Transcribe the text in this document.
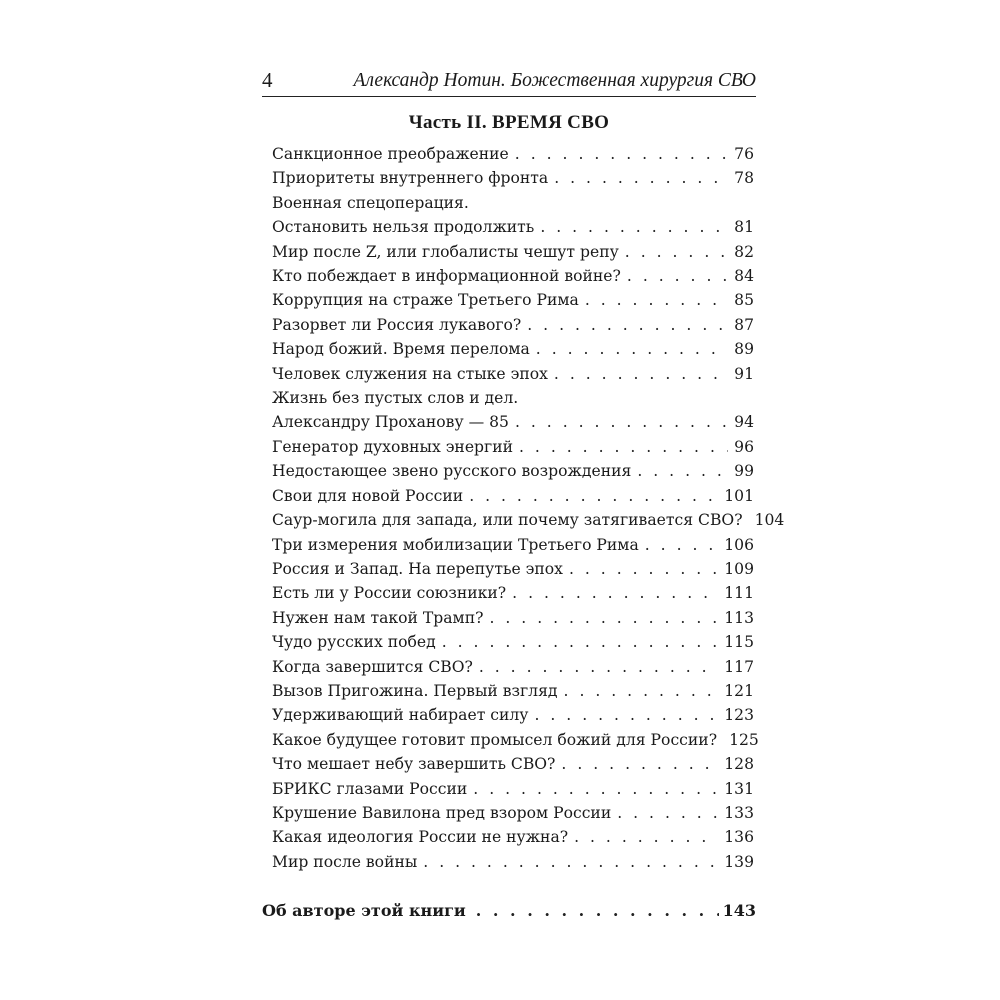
4	Александр Нотин. Божественная хирургия СВО
Часть II. ВРЕМЯ СВО
Санкционное преображение . . .	76
Приоритеты внутреннего фронта . . .	78
Военная спецоперация.
Остановить нельзя продолжить . . .	81
Мир после Z, или глобалисты чешут репу . . .	82
Кто побеждает в информационной войне? . . .	84
Коррупция на страже Третьего Рима . . .	85
Разорвет ли Россия лукавого? . . .	87
Народ божий. Время перелома . . .	89
Человек служения на стыке эпох . . .	91
Жизнь без пустых слов и дел.
Александру Проханову — 85 . . .	94
Генератор духовных энергий . . .	96
Недостающее звено русского возрождения . . .	99
Свои для новой России . . .	101
Саур-могила для запада, или почему затягивается СВО? 104
Три измерения мобилизации Третьего Рима . . .	106
Россия и Запад. На перепутье эпох . . .	109
Есть ли у России союзники? . . .	111
Нужен нам такой Трамп? . . .	113
Чудо русских побед . . .	115
Когда завершится СВО? . . .	117
Вызов Пригожина. Первый взгляд . . .	121
Удерживающий набирает силу . . .	123
Какое будущее готовит промысел божий для России? 125
Что мешает небу завершить СВО? . . .	128
БРИКС глазами России . . .	131
Крушение Вавилона пред взором России . . .	133
Какая идеология России не нужна? . . .	136
Мир после войны . . .	139
Об авторе этой книги . . .	143
